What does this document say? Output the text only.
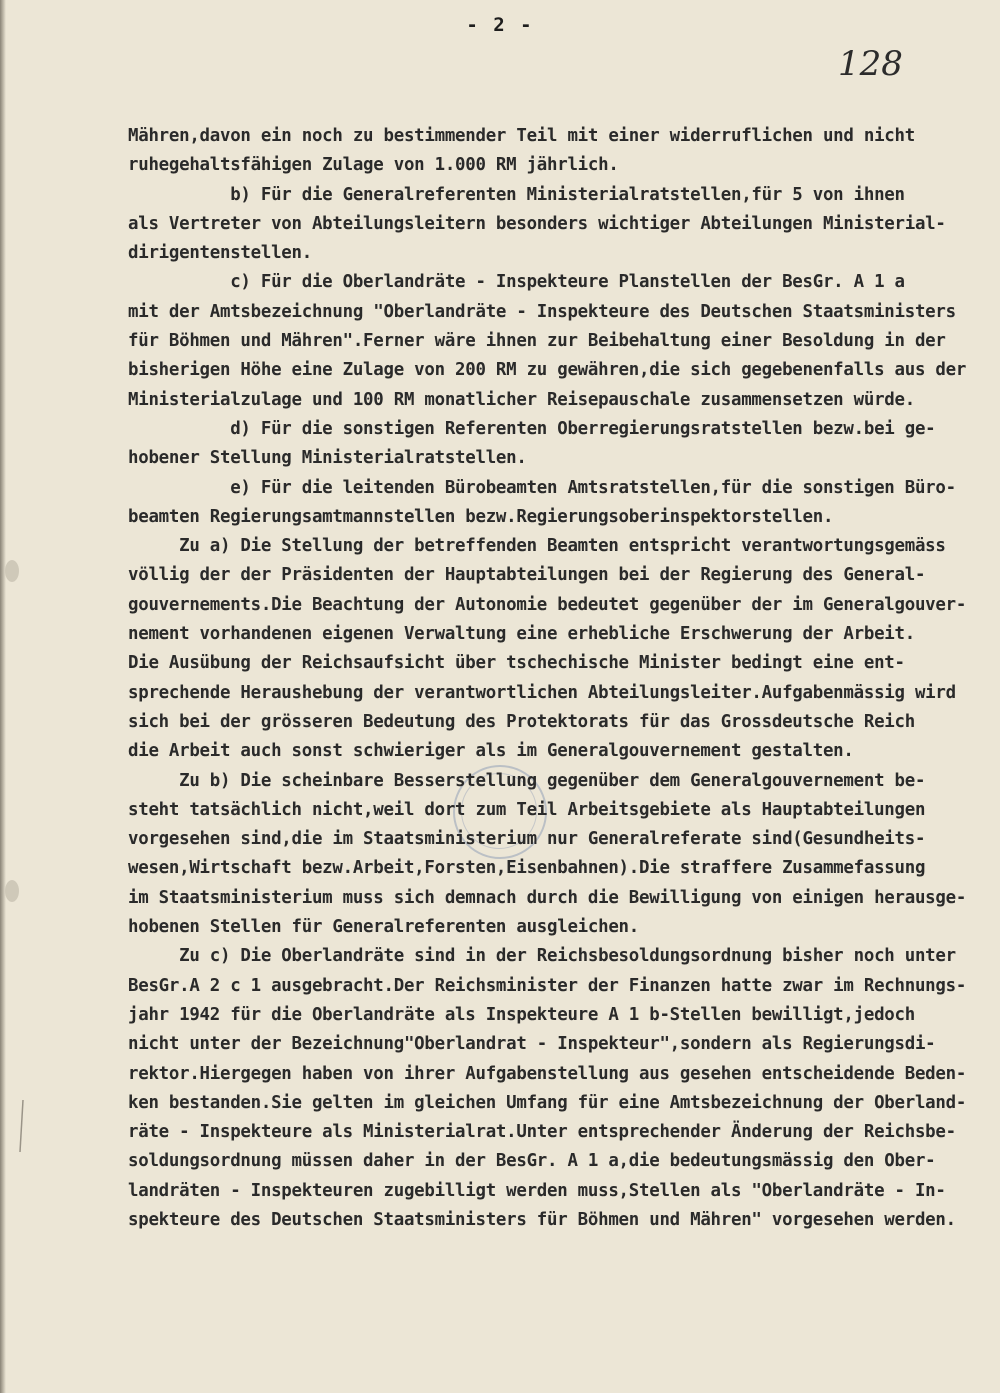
- 2 -
128
Mähren,davon ein noch zu bestimmender Teil mit einer widerruflichen und nicht
ruhegehaltsfähigen Zulage von 1.000 RM jährlich.
b) Für die Generalreferenten Ministerialratstellen,für 5 von ihnen
als Vertreter von Abteilungsleitern besonders wichtiger Abteilungen Ministerial-
dirigentenstellen.
c) Für die Oberlandräte - Inspekteure Planstellen der BesGr. A 1 a
mit der Amtsbezeichnung "Oberlandräte - Inspekteure des Deutschen Staatsministers
für Böhmen und Mähren".Ferner wäre ihnen zur Beibehaltung einer Besoldung in der
bisherigen Höhe eine Zulage von 200 RM zu gewähren,die sich gegebenenfalls aus der
Ministerialzulage und 100 RM monatlicher Reisepauschale zusammensetzen würde.
d) Für die sonstigen Referenten Oberregierungsratstellen bezw.bei ge-
hobener Stellung Ministerialratstellen.
e) Für die leitenden Bürobeamten Amtsratstellen,für die sonstigen Büro-
beamten Regierungsamtmannstellen bezw.Regierungsoberinspektorstellen.
Zu a) Die Stellung der betreffenden Beamten entspricht verantwortungsgemäss
völlig der der Präsidenten der Hauptabteilungen bei der Regierung des General-
gouvernements.Die Beachtung der Autonomie bedeutet gegenüber der im Generalgouver-
nement vorhandenen eigenen Verwaltung eine erhebliche Erschwerung der Arbeit.
Die Ausübung der Reichsaufsicht über tschechische Minister bedingt eine ent-
sprechende Heraushebung der verantwortlichen Abteilungsleiter.Aufgabenmässig wird
sich bei der grösseren Bedeutung des Protektorats für das Grossdeutsche Reich
die Arbeit auch sonst schwieriger als im Generalgouvernement gestalten.
Zu b) Die scheinbare Besserstellung gegenüber dem Generalgouvernement be-
steht tatsächlich nicht,weil dort zum Teil Arbeitsgebiete als Hauptabteilungen
vorgesehen sind,die im Staatsministerium nur Generalreferate sind(Gesundheits-
wesen,Wirtschaft bezw.Arbeit,Forsten,Eisenbahnen).Die straffere Zusammefassung
im Staatsministerium muss sich demnach durch die Bewilligung von einigen herausge-
hobenen Stellen für Generalreferenten ausgleichen.
Zu c) Die Oberlandräte sind in der Reichsbesoldungsordnung bisher noch unter
BesGr.A 2 c 1 ausgebracht.Der Reichsminister der Finanzen hatte zwar im Rechnungs-
jahr 1942 für die Oberlandräte als Inspekteure A 1 b-Stellen bewilligt,jedoch
nicht unter der Bezeichnung"Oberlandrat - Inspekteur",sondern als Regierungsdi-
rektor.Hiergegen haben von ihrer Aufgabenstellung aus gesehen entscheidende Beden-
ken bestanden.Sie gelten im gleichen Umfang für eine Amtsbezeichnung der Oberland-
räte - Inspekteure als Ministerialrat.Unter entsprechender Änderung der Reichsbe-
soldungsordnung müssen daher in der BesGr. A 1 a,die bedeutungsmässig den Ober-
landräten - Inspekteuren zugebilligt werden muss,Stellen als "Oberlandräte - In-
spekteure des Deutschen Staatsministers für Böhmen und Mähren" vorgesehen werden.
